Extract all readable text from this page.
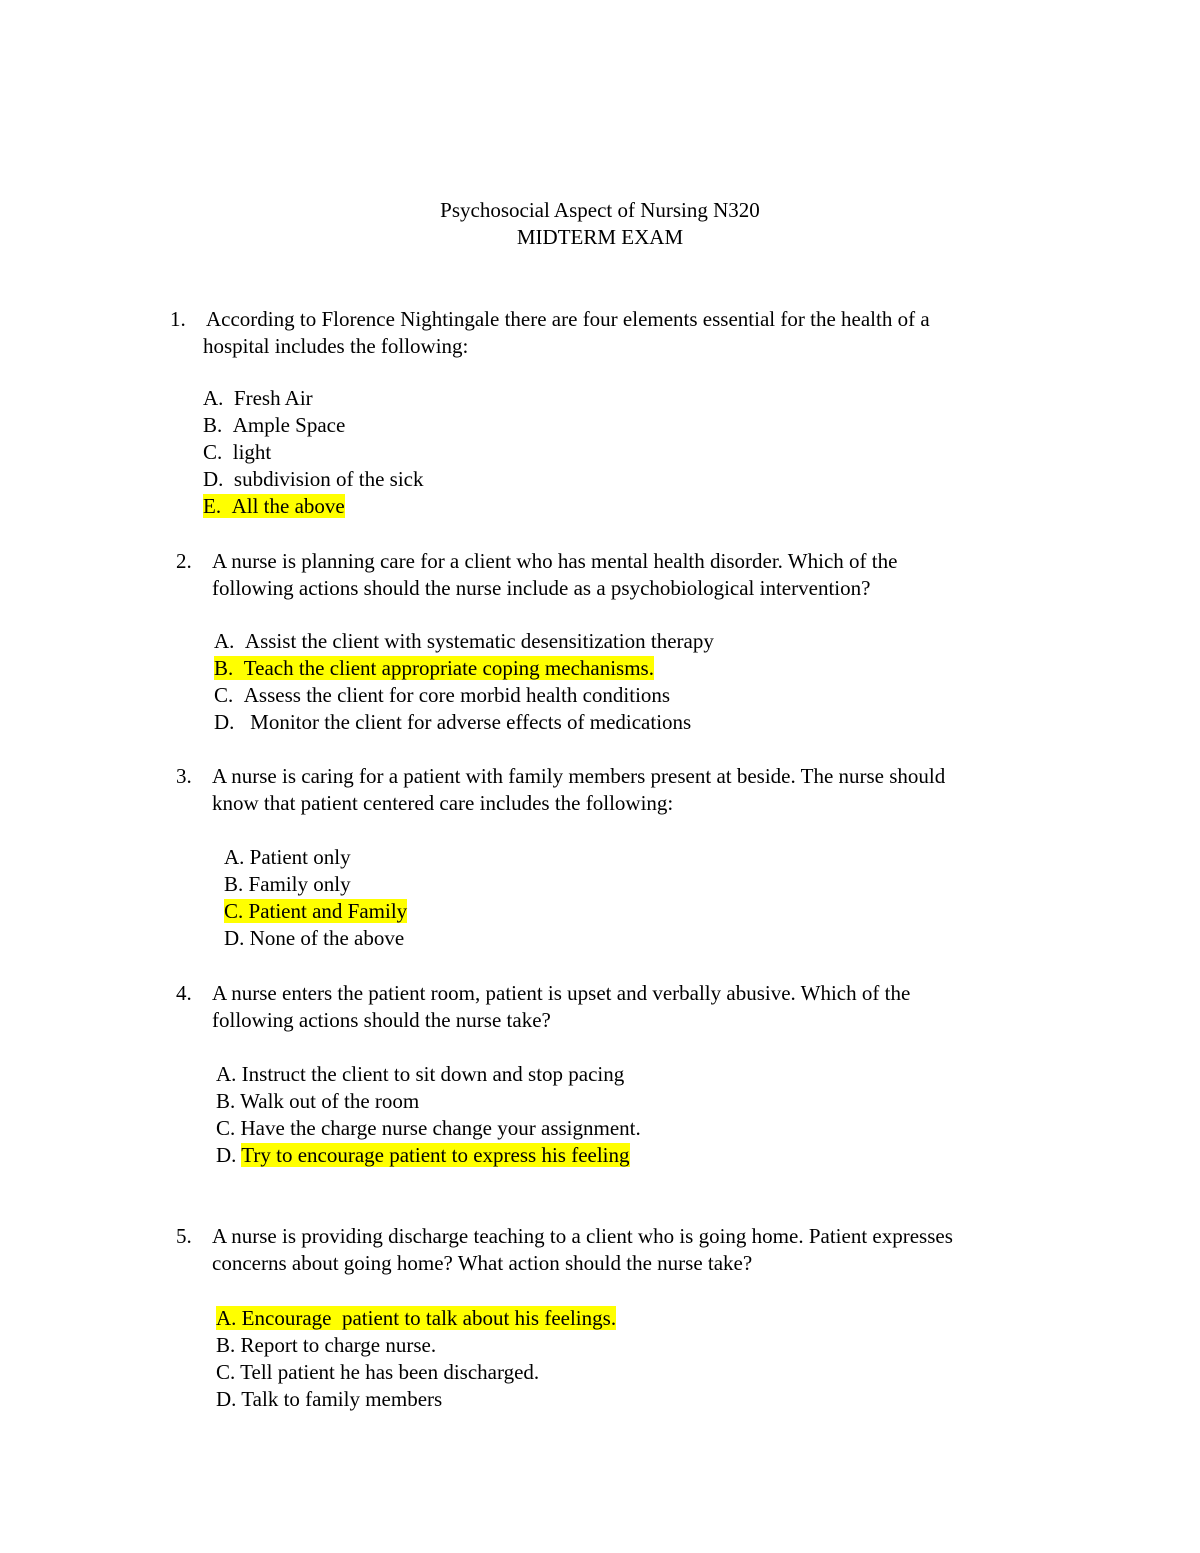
Psychosocial Aspect of Nursing N320
MIDTERM EXAM
1. According to Florence Nightingale there are four elements essential for the health of a
hospital includes the following:
A. Fresh Air
B. Ample Space
C. light
D. subdivision of the sick
E. All the above
2. A nurse is planning care for a client who has mental health disorder. Which of the
following actions should the nurse include as a psychobiological intervention?
A. Assist the client with systematic desensitization therapy
B. Teach the client appropriate coping mechanisms.
C. Assess the client for core morbid health conditions
D. Monitor the client for adverse effects of medications
3. A nurse is caring for a patient with family members present at beside. The nurse should
know that patient centered care includes the following:
A. Patient only
B. Family only
C. Patient and Family
D. None of the above
4. A nurse enters the patient room, patient is upset and verbally abusive. Which of the
following actions should the nurse take?
A. Instruct the client to sit down and stop pacing
B. Walk out of the room
C. Have the charge nurse change your assignment.
D. Try to encourage patient to express his feeling
5. A nurse is providing discharge teaching to a client who is going home. Patient expresses
concerns about going home? What action should the nurse take?
A. Encourage  patient to talk about his feelings.
B. Report to charge nurse.
C. Tell patient he has been discharged.
D. Talk to family members
